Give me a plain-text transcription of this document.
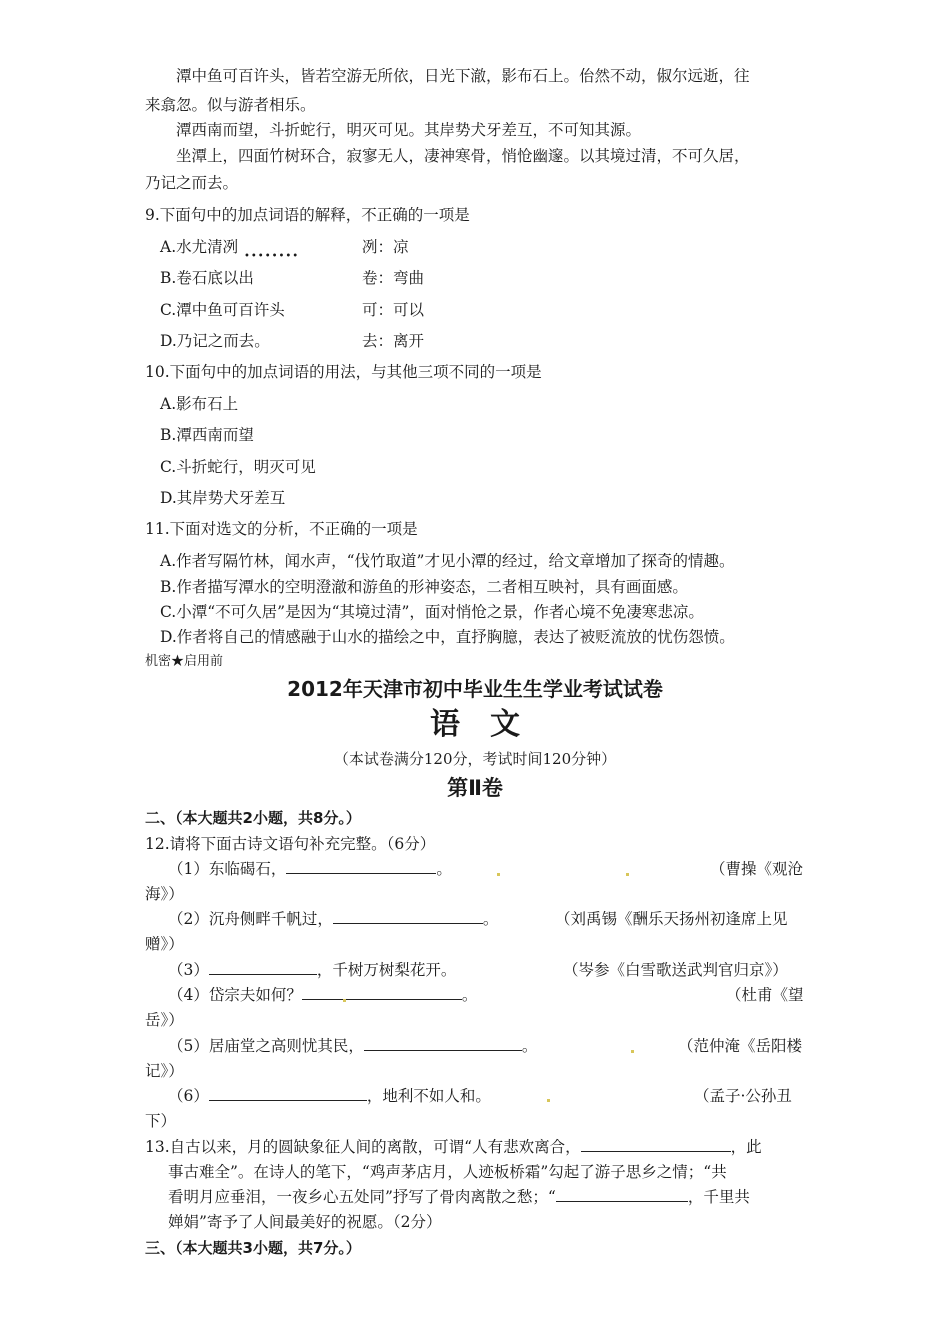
潭中鱼可百许头，皆若空游无所依，日光下澈，影布石上。佁然不动，俶尔远逝，往
来翕忽。似与游者相乐。
潭西南而望，斗折蛇行，明灭可见。其岸势犬牙差互，不可知其源。
坐潭上，四面竹树环合，寂寥无人，凄神寒骨，悄怆幽邃。以其境过清，不可久居，
乃记之而去。
9.下面句中的加点词语的解释，不正确的一项是
A.水尤清冽	冽：凉
••••••••
B.卷石底以出	卷：弯曲
C.潭中鱼可百许头	可：可以
D.乃记之而去。	去：离开
10.下面句中的加点词语的用法，与其他三项不同的一项是
A.影布石上
B.潭西南而望
C.斗折蛇行，明灭可见
D.其岸势犬牙差互
11.下面对选文的分析，不正确的一项是
A.作者写隔竹林，闻水声，“伐竹取道”才见小潭的经过，给文章增加了探奇的情趣。
B.作者描写潭水的空明澄澈和游鱼的形神姿态，二者相互映衬，具有画面感。
C.小潭“不可久居”是因为“其境过清”，面对悄怆之景，作者心境不免凄寒悲凉。
D.作者将自己的情感融于山水的描绘之中，直抒胸臆，表达了被贬流放的忧伤怨愤。
机密★启用前
2012年天津市初中毕业生生学业考试试卷
语　文
（本试卷满分120分，考试时间120分钟）
第Ⅱ卷
二、（本大题共2小题，共8分。）
12.请将下面古诗文语句补充完整。（6分）
（1）东临碣石，	。	（曹操《观沧
海》）
（2）沉舟侧畔千帆过，	。	（刘禹锡《酬乐天扬州初逢席上见
赠》）
（3）	，千树万树梨花开。	（岑参《白雪歌送武判官归京》）
（4）岱宗夫如何？	。	（杜甫《望
岳》）
（5）居庙堂之高则忧其民，	。	（范仲淹《岳阳楼
记》）
（6）	，地利不如人和。	（孟子·公孙丑
下）
13.自古以来，月的圆缺象征人间的离散，可谓“人有悲欢离合，	，此
事古难全”。在诗人的笔下，“鸡声茅店月，人迹板桥霜”勾起了游子思乡之情；“共
看明月应垂泪，一夜乡心五处同”抒写了骨肉离散之愁；“	，千里共
婵娟”寄予了人间最美好的祝愿。（2分）
三、（本大题共3小题，共7分。）
